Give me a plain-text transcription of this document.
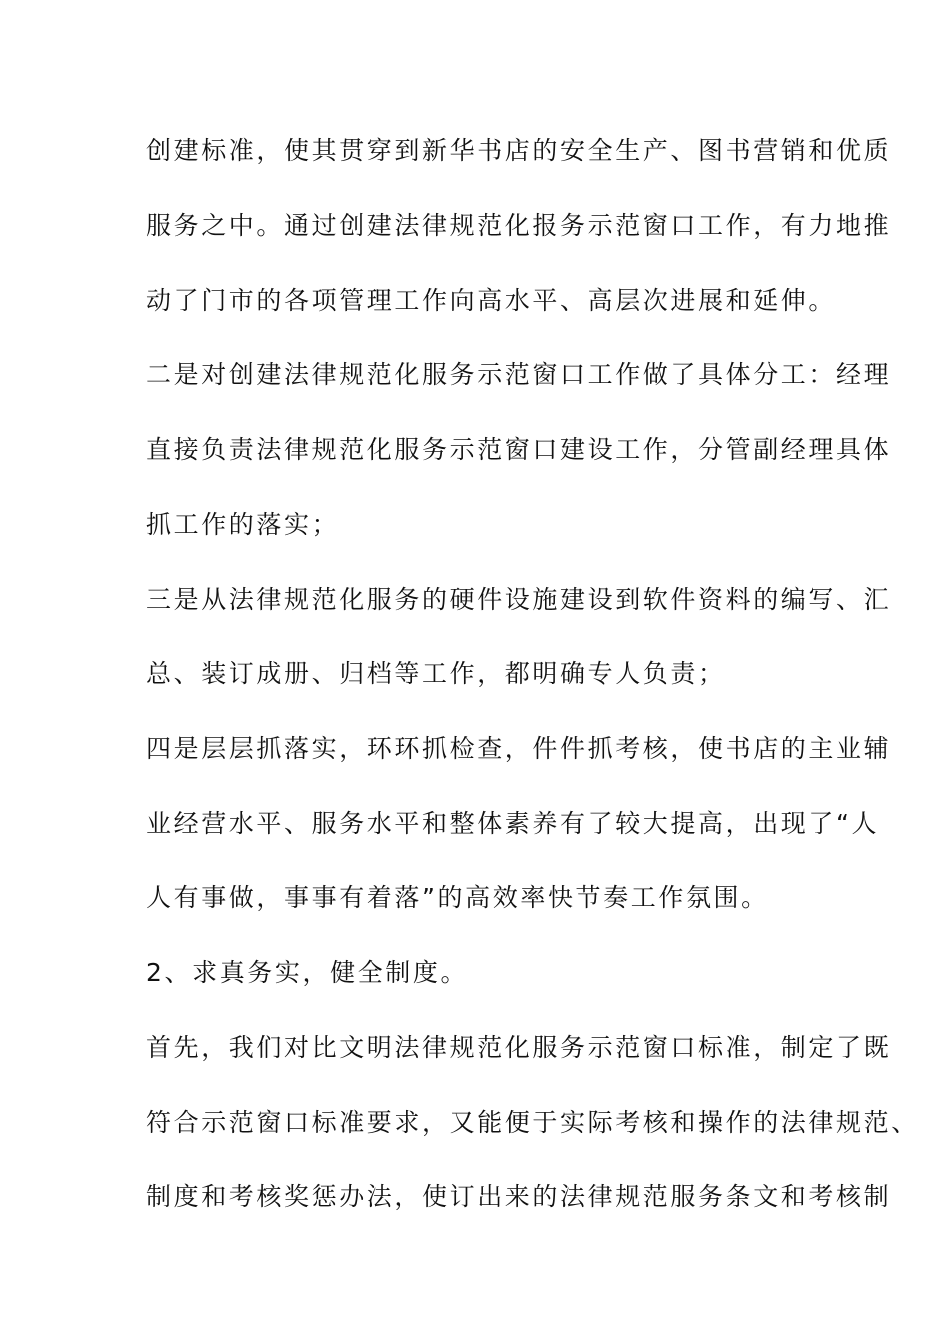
创建标准，使其贯穿到新华书店的安全生产、图书营销和优质
服务之中。通过创建法律规范化报务示范窗口工作，有力地推
动了门市的各项管理工作向高水平、高层次进展和延伸。
二是对创建法律规范化服务示范窗口工作做了具体分工：经理
直接负责法律规范化服务示范窗口建设工作，分管副经理具体
抓工作的落实；
三是从法律规范化服务的硬件设施建设到软件资料的编写、汇
总、装订成册、归档等工作，都明确专人负责；
四是层层抓落实，环环抓检查，件件抓考核，使书店的主业辅
业经营水平、服务水平和整体素养有了较大提高，出现了“人
人有事做，事事有着落”的高效率快节奏工作氛围。
2、求真务实，健全制度。
首先，我们对比文明法律规范化服务示范窗口标准，制定了既
符合示范窗口标准要求，又能便于实际考核和操作的法律规范、
制度和考核奖惩办法，使订出来的法律规范服务条文和考核制
